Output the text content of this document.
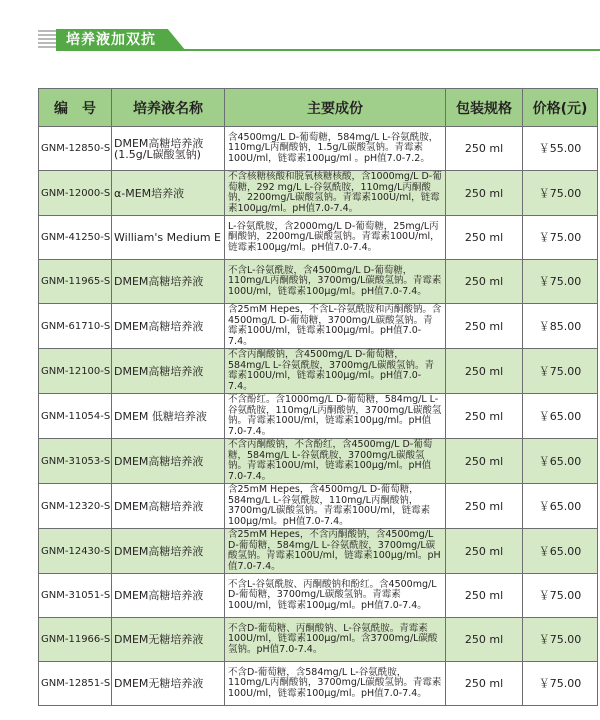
培养液加双抗
编　号	培养液名称	主要成份	包装规格	价格(元)
GNM-12850-S	DMEM高糖培养液(1.5g/L碳酸氢钠)	含4500mg/L D-葡萄糖，584mg/L L-谷氨酰胺，110mg/L丙酮酸钠，1.5g/L碳酸氢钠。青霉素100U/ml，链霉素100μg/ml 。pH值7.0-7.2。	250 ml	￥55.00
GNM-12000-S	α-MEM培养液	不含核糖核酸和脱氧核糖核酸，含1000mg/L D-葡萄糖，292 mg/L L-谷氨酰胺，110mg/L丙酮酸钠，2200mg/L碳酸氢钠。青霉素100U/ml，链霉素100μg/ml。pH值7.0-7.4。	250 ml	￥75.00
GNM-41250-S	William's Medium E	L-谷氨酰胺，含2000mg/L D-葡萄糖，25mg/L丙酮酸钠，2200mg/L碳酸氢钠。青霉素100U/ml，链霉素100μg/ml。pH值7.0-7.4。	250 ml	￥75.00
GNM-11965-S	DMEM高糖培养液	不含L-谷氨酰胺，含4500mg/L D-葡萄糖，110mg/L丙酮酸钠，3700mg/L碳酸氢钠。青霉素100U/ml，链霉素100μg/ml。pH值7.0-7.4。	250 ml	￥75.00
GNM-61710-S	DMEM高糖培养液	含25mM Hepes，不含L-谷氨酰胺和丙酮酸钠。含4500mg/L D-葡萄糖，3700mg/L碳酸氢钠。青霉素100U/ml，链霉素100μg/ml。pH值7.0-7.4。	250 ml	￥85.00
GNM-12100-S	DMEM高糖培养液	不含丙酮酸钠，含4500mg/L D-葡萄糖，584mg/L L-谷氨酰胺，3700mg/L碳酸氢钠。青霉素100U/ml，链霉素100μg/ml。pH值7.0-7.4。	250 ml	￥75.00
GNM-11054-S	DMEM 低糖培养液	不含酚红。含1000mg/L D-葡萄糖，584mg/L L-谷氨酰胺，110mg/L丙酮酸钠，3700mg/L碳酸氢钠。青霉素100U/ml，链霉素100μg/ml。pH值7.0-7.4。	250 ml	￥65.00
GNM-31053-S	DMEM高糖培养液	不含丙酮酸钠，不含酚红，含4500mg/L D-葡萄糖，584mg/L L-谷氨酰胺，3700mg/L碳酸氢钠。青霉素100U/ml，链霉素100μg/ml。pH值7.0-7.4。	250 ml	￥65.00
GNM-12320-S	DMEM高糖培养液	含25mM Hepes，含4500mg/L D-葡萄糖，584mg/L L-谷氨酰胺，110mg/L丙酮酸钠，3700mg/L碳酸氢钠。青霉素100U/ml，链霉素100μg/ml。pH值7.0-7.4。	250 ml	￥65.00
GNM-12430-S	DMEM高糖培养液	含25mM Hepes，不含丙酮酸钠，含4500mg/L D-葡萄糖，584mg/L L-谷氨酰胺，3700mg/L碳酸氢钠。青霉素100U/ml，链霉素100μg/ml。pH值7.0-7.4。	250 ml	￥65.00
GNM-31051-S	DMEM高糖培养液	不含L-谷氨酰胺、丙酮酸钠和酚红。含4500mg/L D-葡萄糖，3700mg/L碳酸氢钠。青霉素100U/ml，链霉素100μg/ml。pH值7.0-7.4。	250 ml	￥75.00
GNM-11966-S	DMEM无糖培养液	不含D-葡萄糖、丙酮酸钠、L-谷氨酰胺。青霉素100U/ml，链霉素100μg/ml。含3700mg/L碳酸氢钠。pH值7.0-7.4。	250 ml	￥75.00
GNM-12851-S	DMEM无糖培养液	不含D-葡萄糖，含584mg/L L-谷氨酰胺，110mg/L丙酮酸钠，3700mg/L碳酸氢钠。青霉素100U/ml，链霉素100μg/ml。pH值7.0-7.4。	250 ml	￥75.00
